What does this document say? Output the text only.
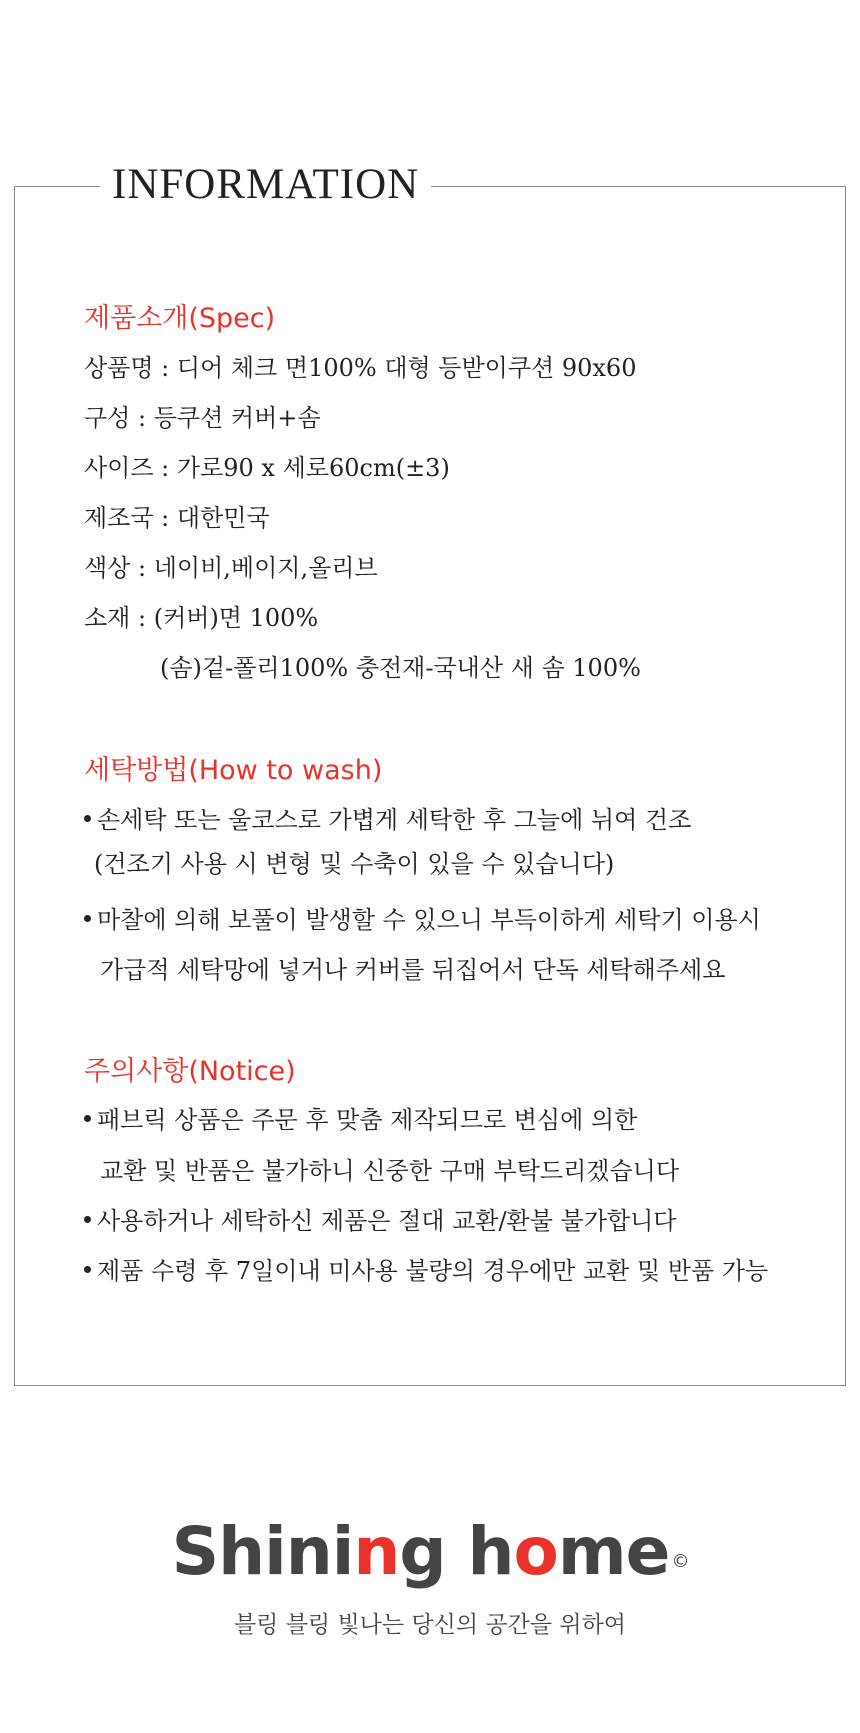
INFORMATION
제품소개(Spec)
상품명 : 디어 체크 면100% 대형 등받이쿠션 90x60
구성 : 등쿠션 커버+솜
사이즈 : 가로90 x 세로60cm(±3)
제조국 : 대한민국
색상 : 네이비,베이지,올리브
소재 : (커버)면 100%
(솜)겉-폴리100% 충전재-국내산 새 솜 100%
세탁방법(How to wash)
손세탁 또는 울코스로 가볍게 세탁한 후 그늘에 뉘여 건조
(건조기 사용 시 변형 및 수축이 있을 수 있습니다)
마찰에 의해 보풀이 발생할 수 있으니 부득이하게 세탁기 이용시
가급적 세탁망에 넣거나 커버를 뒤집어서 단독 세탁해주세요
주의사항(Notice)
패브릭 상품은 주문 후 맞춤 제작되므로 변심에 의한
교환 및 반품은 불가하니 신중한 구매 부탁드리겠습니다
사용하거나 세탁하신 제품은 절대 교환/환불 불가합니다
제품 수령 후 7일이내 미사용 불량의 경우에만 교환 및 반품 가능
Shining home ©
블링 블링 빛나는 당신의 공간을 위하여
